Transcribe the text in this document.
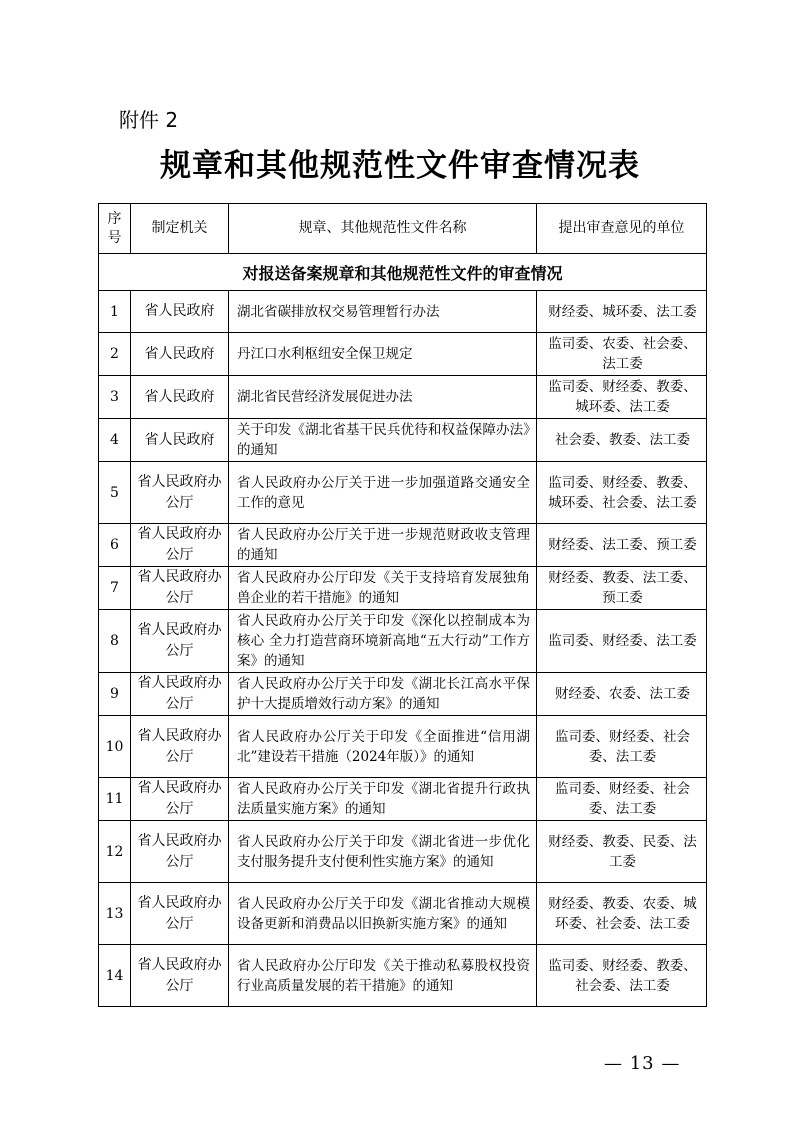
附件 2
规章和其他规范性文件审查情况表
序号	制定机关	规章、其他规范性文件名称	提出审查意见的单位
对报送备案规章和其他规范性文件的审查情况			
1	省人民政府	湖北省碳排放权交易管理暂行办法	财经委、城环委、法工委
2	省人民政府	丹江口水利枢纽安全保卫规定	监司委、农委、社会委、法工委
3	省人民政府	湖北省民营经济发展促进办法	监司委、财经委、教委、城环委、法工委
4	省人民政府	关于印发《湖北省基干民兵优待和权益保障办法》的通知	社会委、教委、法工委
5	省人民政府办公厅	省人民政府办公厅关于进一步加强道路交通安全工作的意见	监司委、财经委、教委、城环委、社会委、法工委
6	省人民政府办公厅	省人民政府办公厅关于进一步规范财政收支管理的通知	财经委、法工委、预工委
7	省人民政府办公厅	省人民政府办公厅印发《关于支持培育发展独角兽企业的若干措施》的通知	财经委、教委、法工委、预工委
8	省人民政府办公厅	省人民政府办公厅关于印发《深化以控制成本为核心 全力打造营商环境新高地“五大行动”工作方案》的通知	监司委、财经委、法工委
9	省人民政府办公厅	省人民政府办公厅关于印发《湖北长江高水平保护十大提质增效行动方案》的通知	财经委、农委、法工委
10	省人民政府办公厅	省人民政府办公厅关于印发《全面推进“信用湖北”建设若干措施（2024年版）》的通知	监司委、财经委、社会委、法工委
11	省人民政府办公厅	省人民政府办公厅关于印发《湖北省提升行政执法质量实施方案》的通知	监司委、财经委、社会委、法工委
12	省人民政府办公厅	省人民政府办公厅关于印发《湖北省进一步优化支付服务提升支付便利性实施方案》的通知	财经委、教委、民委、法工委
13	省人民政府办公厅	省人民政府办公厅关于印发《湖北省推动大规模设备更新和消费品以旧换新实施方案》的通知	财经委、教委、农委、城环委、社会委、法工委
14	省人民政府办公厅	省人民政府办公厅印发《关于推动私募股权投资行业高质量发展的若干措施》的通知	监司委、财经委、教委、社会委、法工委
— 13 —
